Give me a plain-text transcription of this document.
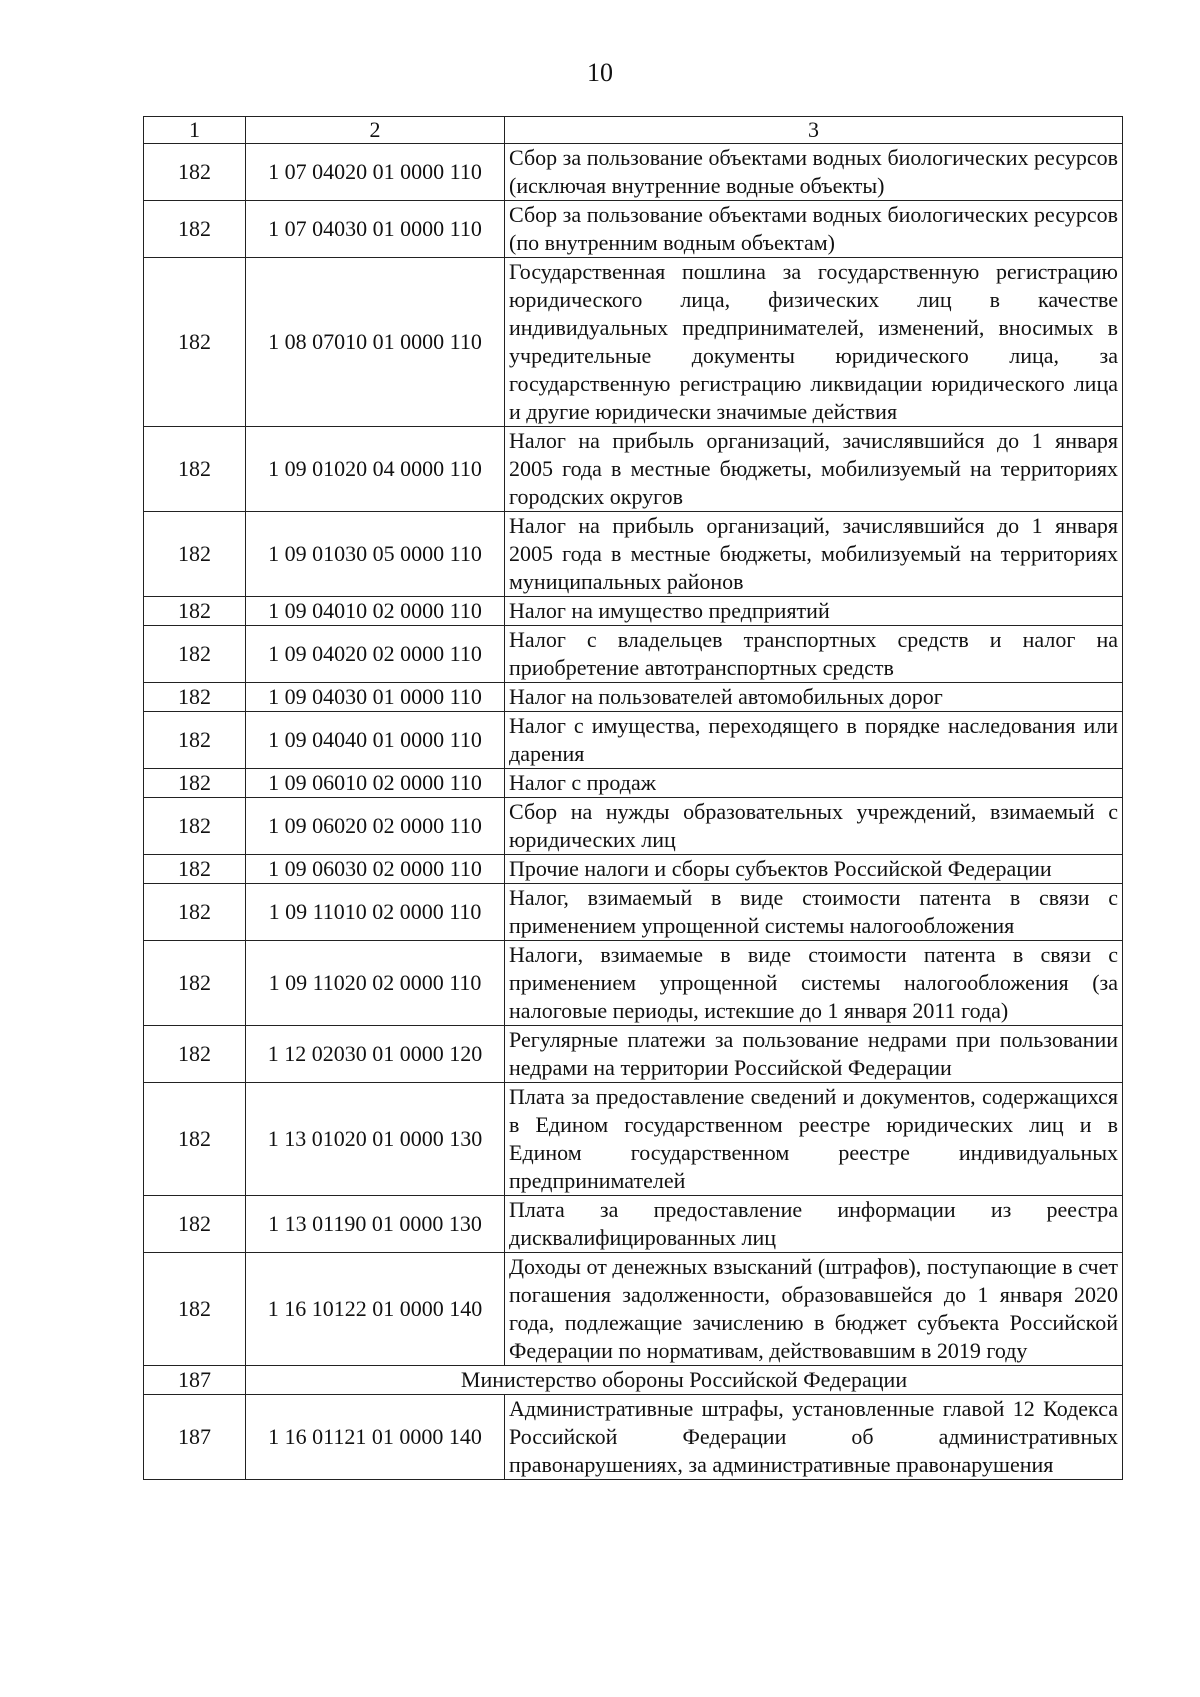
10
1	2	3
182	1 07 04020 01 0000 110	Сбор за пользование объектами водных биологических ресурсов (исключая внутренние водные объекты)
182	1 07 04030 01 0000 110	Сбор за пользование объектами водных биологических ресурсов (по внутренним водным объектам)
182	1 08 07010 01 0000 110	Государственная пошлина за государственную регистрацию юридического лица, физических лиц в качестве индивидуальных предпринимателей, изменений, вносимых в учредительные документы юридического лица, за государственную регистрацию ликвидации юридического лица и другие юридически значимые действия
182	1 09 01020 04 0000 110	Налог на прибыль организаций, зачислявшийся до 1 января 2005 года в местные бюджеты, мобилизуемый на территориях городских округов
182	1 09 01030 05 0000 110	Налог на прибыль организаций, зачислявшийся до 1 января 2005 года в местные бюджеты, мобилизуемый на территориях муниципальных районов
182	1 09 04010 02 0000 110	Налог на имущество предприятий
182	1 09 04020 02 0000 110	Налог с владельцев транспортных средств и налог на приобретение автотранспортных средств
182	1 09 04030 01 0000 110	Налог на пользователей автомобильных дорог
182	1 09 04040 01 0000 110	Налог с имущества, переходящего в порядке наследования или дарения
182	1 09 06010 02 0000 110	Налог с продаж
182	1 09 06020 02 0000 110	Сбор на нужды образовательных учреждений, взимаемый с юридических лиц
182	1 09 06030 02 0000 110	Прочие налоги и сборы субъектов Российской Федерации
182	1 09 11010 02 0000 110	Налог, взимаемый в виде стоимости патента в связи с применением упрощенной системы налогообложения
182	1 09 11020 02 0000 110	Налоги, взимаемые в виде стоимости патента в связи с применением упрощенной системы налогообложения (за налоговые периоды, истекшие до 1 января 2011 года)
182	1 12 02030 01 0000 120	Регулярные платежи за пользование недрами при пользовании недрами на территории Российской Федерации
182	1 13 01020 01 0000 130	Плата за предоставление сведений и документов, содержащихся в Едином государственном реестре юридических лиц и в Едином государственном реестре индивидуальных предпринимателей
182	1 13 01190 01 0000 130	Плата за предоставление информации из реестра дисквалифицированных лиц
182	1 16 10122 01 0000 140	Доходы от денежных взысканий (штрафов), поступающие в счет погашения задолженности, образовавшейся до 1 января 2020 года, подлежащие зачислению в бюджет субъекта Российской Федерации по нормативам, действовавшим в 2019 году
187	Министерство обороны Российской Федерации	
187	1 16 01121 01 0000 140	Административные штрафы, установленные главой 12 Кодекса Российской Федерации об административных правонарушениях, за административные правонарушения
